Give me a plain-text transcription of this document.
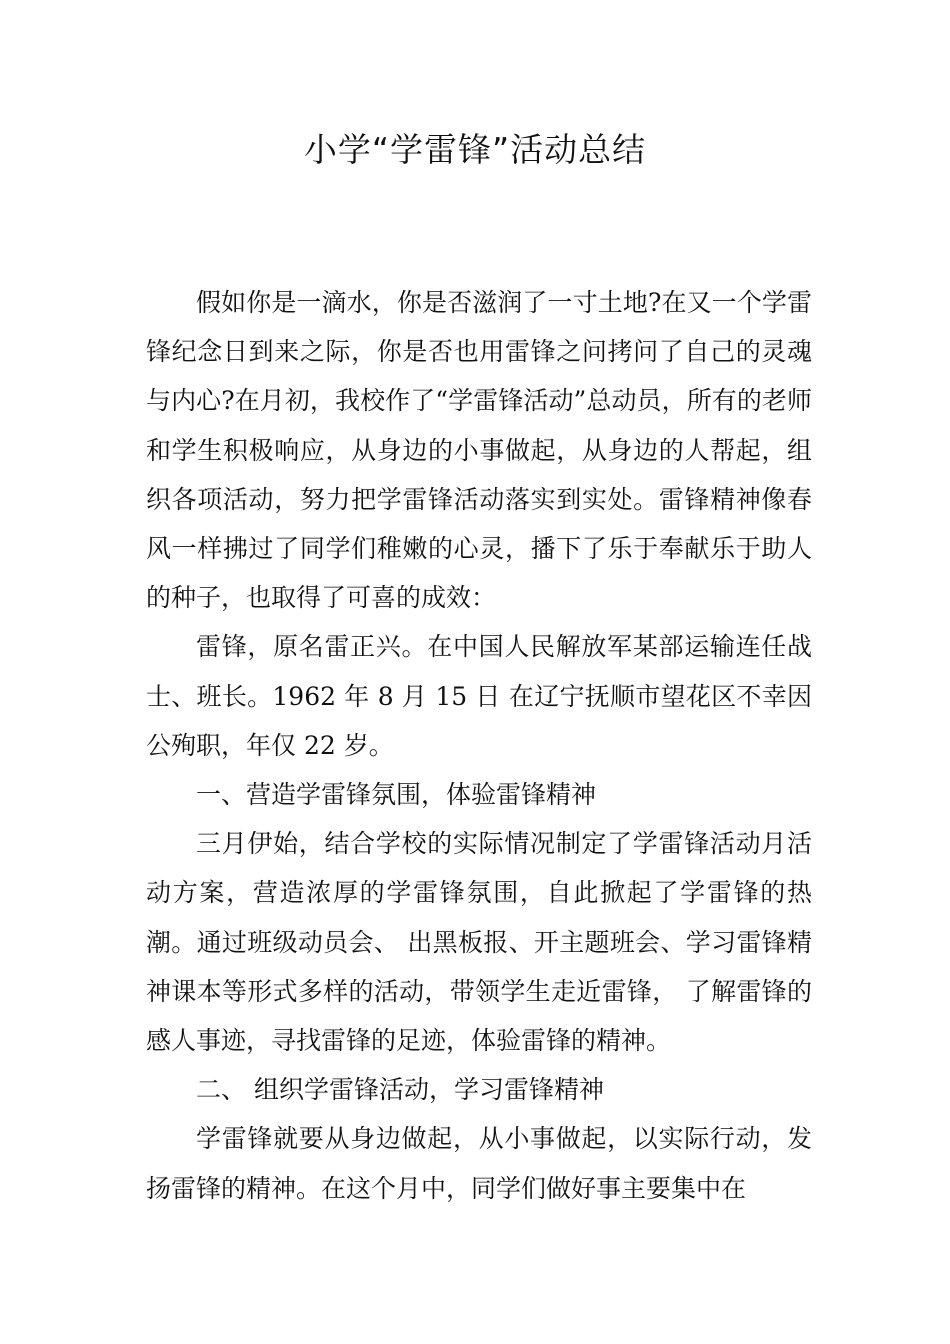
小学“学雷锋”活动总结

假如你是一滴水，你是否滋润了一寸土地?在又一个学雷锋纪念日到来之际，你是否也用雷锋之问拷问了自己的灵魂与内心?在月初，我校作了“学雷锋活动”总动员，所有的老师和学生积极响应，从身边的小事做起，从身边的人帮起，组织各项活动，努力把学雷锋活动落实到实处。雷锋精神像春风一样拂过了同学们稚嫩的心灵，播下了乐于奉献乐于助人的种子，也取得了可喜的成效：

雷锋，原名雷正兴。在中国人民解放军某部运输连任战士、班长。1962 年 8 月 15 日 在辽宁抚顺市望花区不幸因公殉职，年仅 22 岁。

一、营造学雷锋氛围，体验雷锋精神

三月伊始，结合学校的实际情况制定了学雷锋活动月活动方案，营造浓厚的学雷锋氛围，自此掀起了学雷锋的热潮。通过班级动员会、 出黑板报、开主题班会、学习雷锋精神课本等形式多样的活动，带领学生走近雷锋， 了解雷锋的感人事迹，寻找雷锋的足迹，体验雷锋的精神。

二、 组织学雷锋活动，学习雷锋精神

学雷锋就要从身边做起，从小事做起，以实际行动，发扬雷锋的精神。在这个月中，同学们做好事主要集中在
